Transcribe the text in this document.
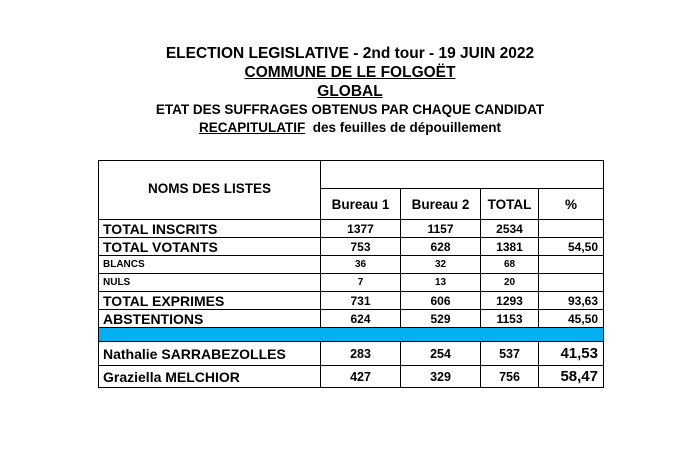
ELECTION LEGISLATIVE - 2nd tour - 19 JUIN 2022
COMMUNE DE LE FOLGOËT
GLOBAL
ETAT DES SUFFRAGES OBTENUS PAR CHAQUE CANDIDAT
RECAPITULATIF des feuilles de dépouillement
NOMS DES LISTES				
	Bureau 1	Bureau 2	TOTAL	%
TOTAL INSCRITS	1377	1157	2534	
TOTAL VOTANTS	753	628	1381	54,50
BLANCS	36	32	68	
NULS	7	13	20	
TOTAL EXPRIMES	731	606	1293	93,63
ABSTENTIONS	624	529	1153	45,50

Nathalie SARRABEZOLLES	283	254	537	41,53
Graziella MELCHIOR	427	329	756	58,47
